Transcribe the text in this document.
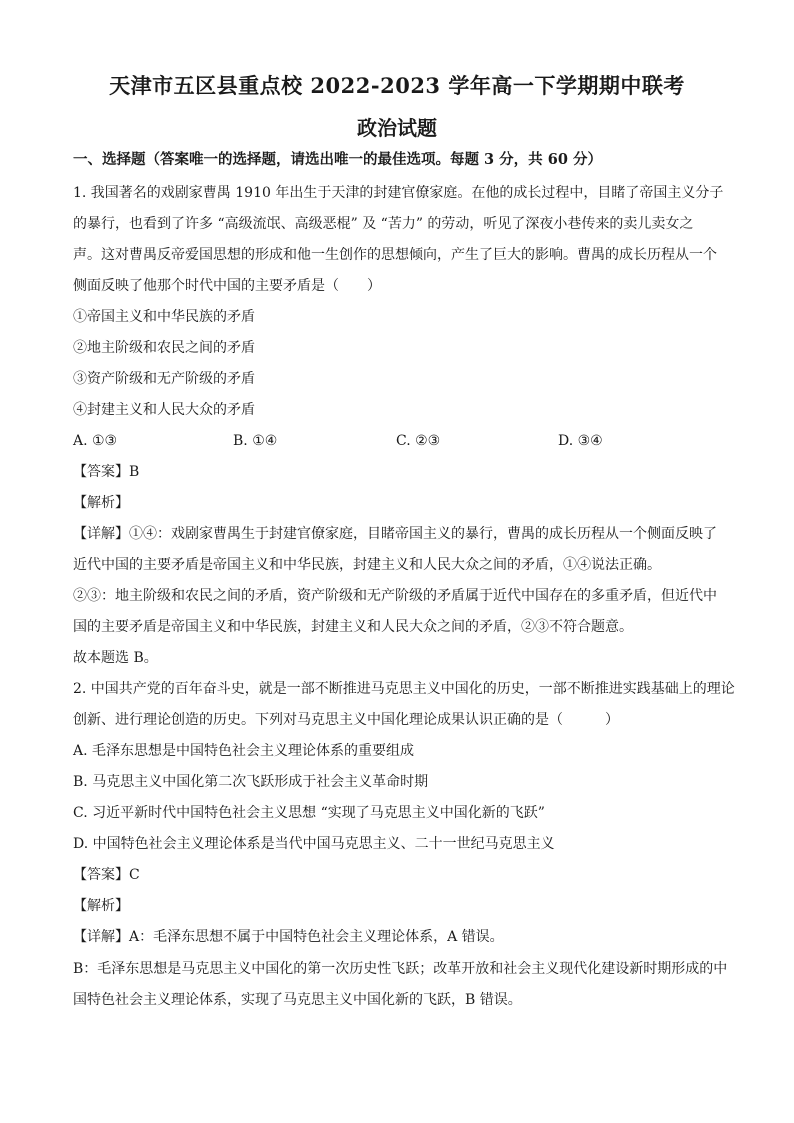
天津市五区县重点校 2022-2023 学年高一下学期期中联考
政治试题
一、选择题（答案唯一的选择题，请选出唯一的最佳选项。每题 3 分，共 60 分）
1. 我国著名的戏剧家曹禺 1910 年出生于天津的封建官僚家庭。在他的成长过程中，目睹了帝国主义分子
的暴行，也看到了许多 “高级流氓、高级恶棍” 及 “苦力” 的劳动，听见了深夜小巷传来的卖儿卖女之
声。这对曹禺反帝爱国思想的形成和他一生创作的思想倾向，产生了巨大的影响。曹禺的成长历程从一个
侧面反映了他那个时代中国的主要矛盾是（　　）
①帝国主义和中华民族的矛盾
②地主阶级和农民之间的矛盾
③资产阶级和无产阶级的矛盾
④封建主义和人民大众的矛盾
A. ①③	B. ①④	C. ②③	D. ③④
【答案】B
【解析】
【详解】①④：戏剧家曹禺生于封建官僚家庭，目睹帝国主义的暴行，曹禺的成长历程从一个侧面反映了
近代中国的主要矛盾是帝国主义和中华民族，封建主义和人民大众之间的矛盾，①④说法正确。
②③：地主阶级和农民之间的矛盾，资产阶级和无产阶级的矛盾属于近代中国存在的多重矛盾，但近代中
国的主要矛盾是帝国主义和中华民族，封建主义和人民大众之间的矛盾，②③不符合题意。
故本题选 B。
2. 中国共产党的百年奋斗史，就是一部不断推进马克思主义中国化的历史，一部不断推进实践基础上的理论
创新、进行理论创造的历史。下列对马克思主义中国化理论成果认识正确的是（　　　）
A. 毛泽东思想是中国特色社会主义理论体系的重要组成
B. 马克思主义中国化第二次飞跃形成于社会主义革命时期
C. 习近平新时代中国特色社会主义思想 “实现了马克思主义中国化新的飞跃”
D. 中国特色社会主义理论体系是当代中国马克思主义、二十一世纪马克思主义
【答案】C
【解析】
【详解】A：毛泽东思想不属于中国特色社会主义理论体系，A 错误。
B：毛泽东思想是马克思主义中国化的第一次历史性飞跃；改革开放和社会主义现代化建设新时期形成的中
国特色社会主义理论体系，实现了马克思主义中国化新的飞跃，B 错误。
